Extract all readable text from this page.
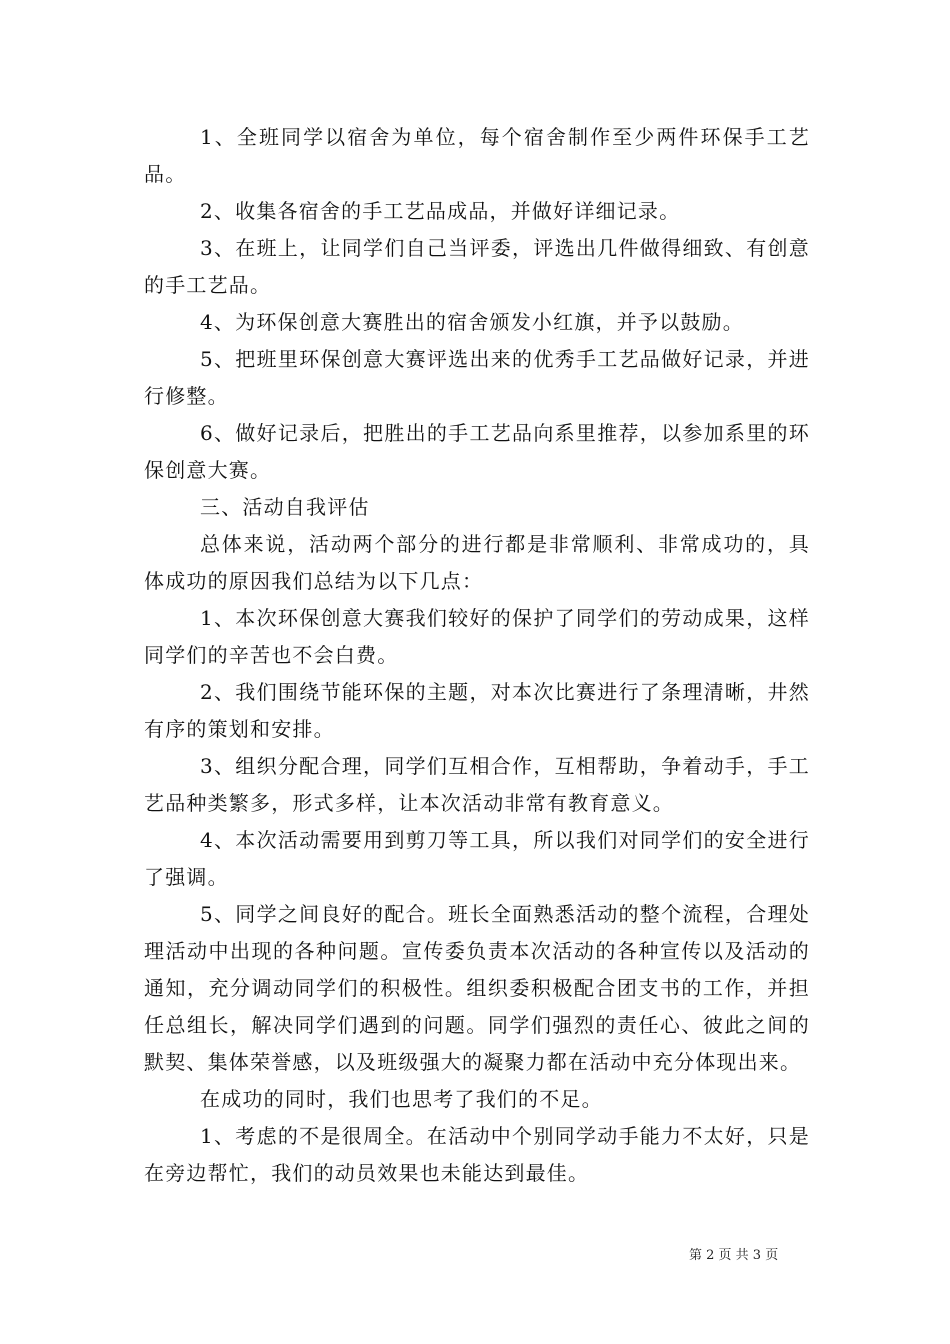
1、全班同学以宿舍为单位，每个宿舍制作至少两件环保手工艺品。

2、收集各宿舍的手工艺品成品，并做好详细记录。

3、在班上，让同学们自己当评委，评选出几件做得细致、有创意的手工艺品。

4、为环保创意大赛胜出的宿舍颁发小红旗，并予以鼓励。

5、把班里环保创意大赛评选出来的优秀手工艺品做好记录，并进行修整。

6、做好记录后，把胜出的手工艺品向系里推荐，以参加系里的环保创意大赛。

三、活动自我评估

总体来说，活动两个部分的进行都是非常顺利、非常成功的，具体成功的原因我们总结为以下几点：

1、本次环保创意大赛我们较好的保护了同学们的劳动成果，这样同学们的辛苦也不会白费。

2、我们围绕节能环保的主题，对本次比赛进行了条理清晰，井然有序的策划和安排。

3、组织分配合理，同学们互相合作，互相帮助，争着动手，手工艺品种类繁多，形式多样，让本次活动非常有教育意义。

4、本次活动需要用到剪刀等工具，所以我们对同学们的安全进行了强调。

5、同学之间良好的配合。班长全面熟悉活动的整个流程，合理处理活动中出现的各种问题。宣传委负责本次活动的各种宣传以及活动的通知，充分调动同学们的积极性。组织委积极配合团支书的工作，并担任总组长，解决同学们遇到的问题。同学们强烈的责任心、彼此之间的默契、集体荣誉感，以及班级强大的凝聚力都在活动中充分体现出来。

在成功的同时，我们也思考了我们的不足。

1、考虑的不是很周全。在活动中个别同学动手能力不太好，只是在旁边帮忙，我们的动员效果也未能达到最佳。

第 2 页 共 3 页
